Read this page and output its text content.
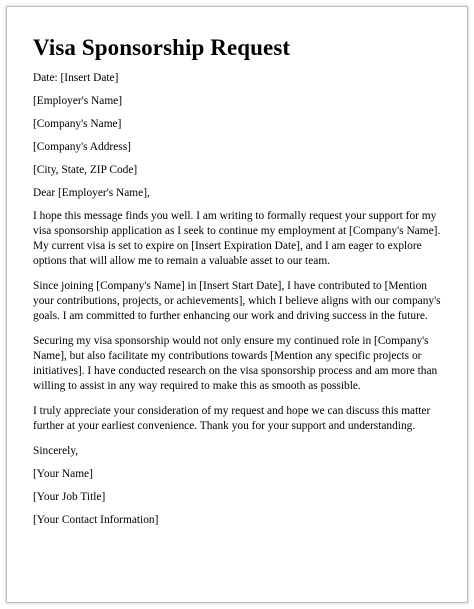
Visa Sponsorship Request

Date: [Insert Date]

[Employer's Name]

[Company's Name]

[Company's Address]

[City, State, ZIP Code]

Dear [Employer's Name],

I hope this message finds you well. I am writing to formally request your support for my visa sponsorship application as I seek to continue my employment at [Company's Name]. My current visa is set to expire on [Insert Expiration Date], and I am eager to explore options that will allow me to remain a valuable asset to our team.

Since joining [Company's Name] in [Insert Start Date], I have contributed to [Mention your contributions, projects, or achievements], which I believe aligns with our company's goals. I am committed to further enhancing our work and driving success in the future.

Securing my visa sponsorship would not only ensure my continued role in [Company's Name], but also facilitate my contributions towards [Mention any specific projects or initiatives]. I have conducted research on the visa sponsorship process and am more than willing to assist in any way required to make this as smooth as possible.

I truly appreciate your consideration of my request and hope we can discuss this matter further at your earliest convenience. Thank you for your support and understanding.

Sincerely,

[Your Name]

[Your Job Title]

[Your Contact Information]
